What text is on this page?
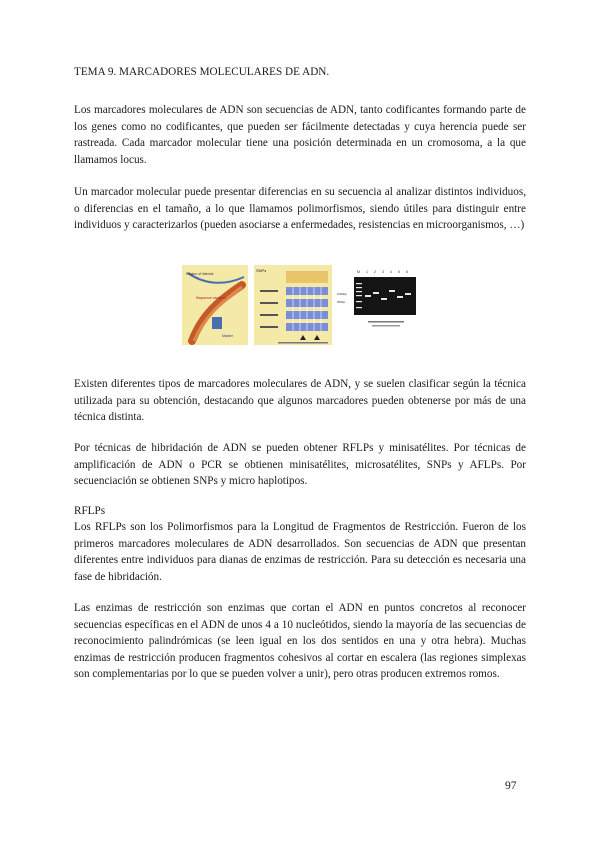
TEMA 9. MARCADORES MOLECULARES DE ADN.
Los marcadores moleculares de ADN son secuencias de ADN, tanto codificantes formando parte de los genes como no codificantes, que pueden ser fácilmente detectadas y cuya herencia puede ser rastreada. Cada marcador molecular tiene una posición determinada en un cromosoma, a la que llamamos locus.
Un marcador molecular puede presentar diferencias en su secuencia al analizar distintos individuos, o diferencias en el tamaño, a lo que llamamos polimorfismos, siendo útiles para distinguir entre individuos y caracterizarlos (pueden asociarse a enfermedades, resistencias en microorganismos, …)
Region of interest
Sequence variation
Marker
SNPs	M 1 2 3 4 5 6
1000bp
500bp
Existen diferentes tipos de marcadores moleculares de ADN, y se suelen clasificar según la técnica utilizada para su obtención, destacando que algunos marcadores pueden obtenerse por más de una técnica distinta.
Por técnicas de hibridación de ADN se pueden obtener RFLPs y minisatélites. Por técnicas de amplificación de ADN o PCR se obtienen minisatélites, microsatélites, SNPs y AFLPs. Por secuenciación se obtienen SNPs y micro haplotipos.
RFLPs
Los RFLPs son los Polimorfismos para la Longitud de Fragmentos de Restricción. Fueron de los primeros marcadores moleculares de ADN desarrollados. Son secuencias de ADN que presentan diferentes entre individuos para dianas de enzimas de restricción. Para su detección es necesaria una fase de hibridación.
Las enzimas de restricción son enzimas que cortan el ADN en puntos concretos al reconocer secuencias específicas en el ADN de unos 4 a 10 nucleótidos, siendo la mayoría de las secuencias de reconocimiento palindrómicas (se leen igual en los dos sentidos en una y otra hebra). Muchas enzimas de restricción producen fragmentos cohesivos al cortar en escalera (las regiones simplexas son complementarias por lo que se pueden volver a unir), pero otras producen extremos romos.
97
